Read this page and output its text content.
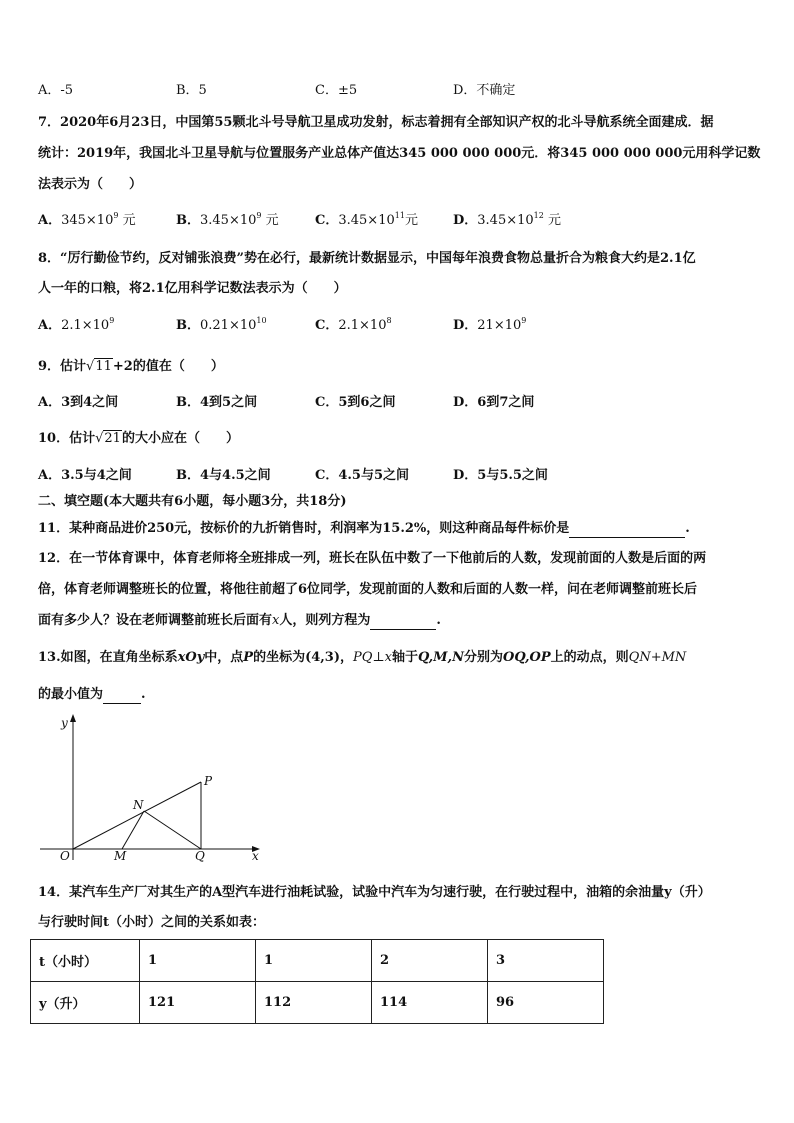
A．-5	B．5	C．±5	D．不确定
7．2020年6月23日，中国第55颗北斗号导航卫星成功发射，标志着拥有全部知识产权的北斗导航系统全面建成．据
统计：2019年，我国北斗卫星导航与位置服务产业总体产值达345 000 000 000元．将345 000 000 000元用科学记数
法表示为（　　）
A．$345\times 10^9$ 元	B．$3.45\times 10^9$ 元	C．$3.45\times 10^{11}$元	D．$3.45\times 10^{12}$ 元
8．“厉行勤俭节约，反对铺张浪费”势在必行，最新统计数据显示，中国每年浪费食物总量折合为粮食大约是2.1亿
人一年的口粮，将2.1亿用科学记数法表示为（　　）
A．$2.1\times 10^9$	B．$0.21\times 10^{10}$	C．$2.1\times 10^8$	D．$21\times 10^9$
9．估计√11+2的值在（　　）
A．3到4之间	B．4到5之间	C．5到6之间	D．6到7之间
10．估计√21的大小应在（　　）
A．3.5与4之间	B．4与4.5之间	C．4.5与5之间	D．5与5.5之间
二、填空题(本大题共有6小题，每小题3分，共18分)
11．某种商品进价250元，按标价的九折销售时，利润率为15.2%，则这种商品每件标价是	.
12．在一节体育课中，体育老师将全班排成一列，班长在队伍中数了一下他前后的人数，发现前面的人数是后面的两
倍，体育老师调整班长的位置，将他往前超了6位同学，发现前面的人数和后面的人数一样，问在老师调整前班长后
面有多少人？设在老师调整前班长后面有x人，则列方程为	.
13.如图，在直角坐标系xOy中，点P的坐标为(4,3)，PQ⊥x轴于Q,M,N分别为OQ,OP上的动点，则QN+MN
的最小值为	.
y
x
O	M	Q
N
P
14．某汽车生产厂对其生产的A型汽车进行油耗试验，试验中汽车为匀速行驶，在行驶过程中，油箱的余油量y（升）
与行驶时间t（小时）之间的关系如表：
t（小时）	1	1	2	3
y（升）	121	112	114	96
